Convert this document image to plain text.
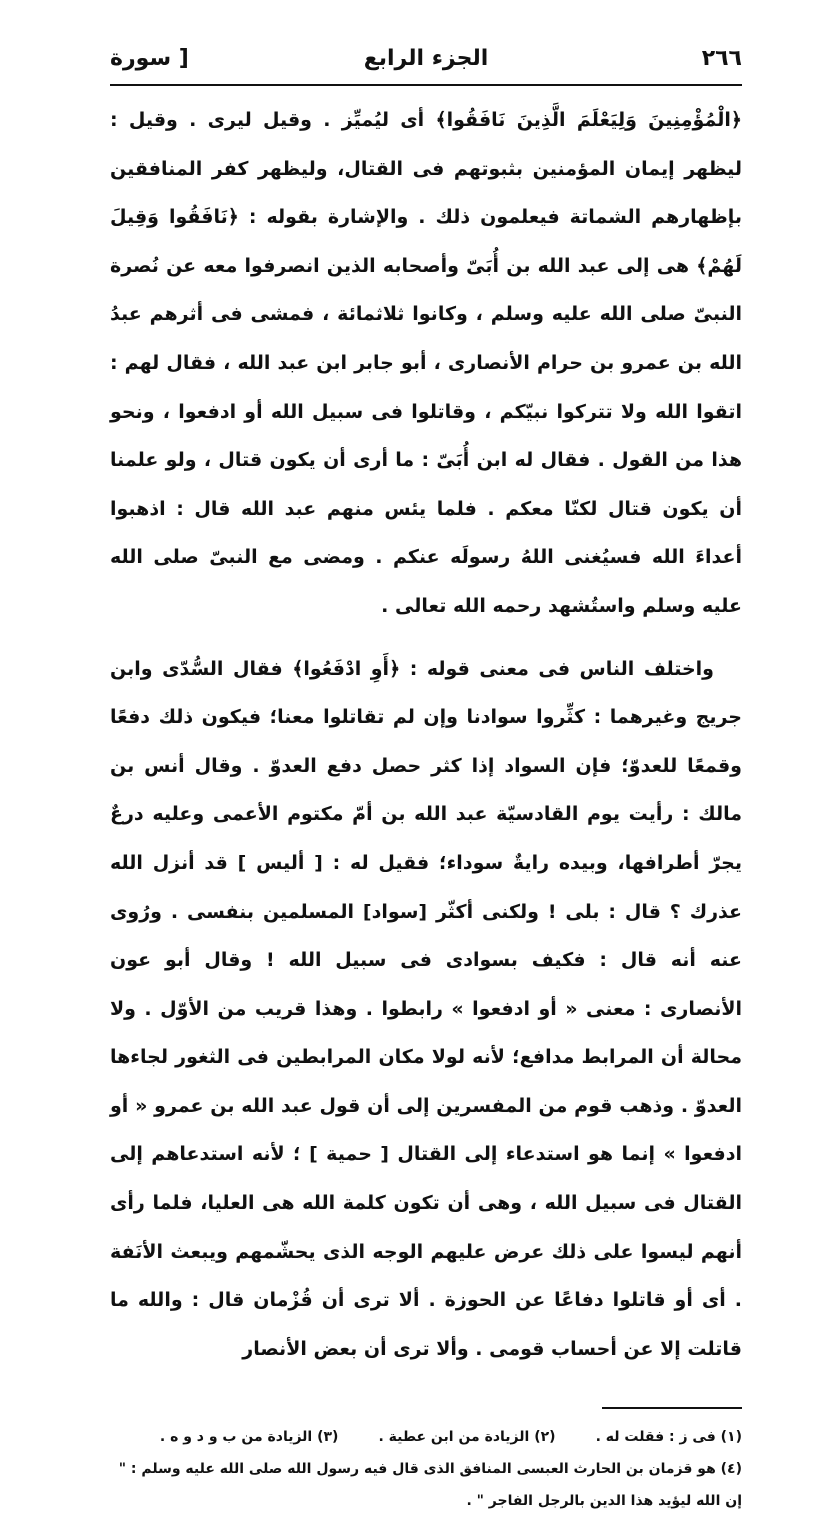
٢٦٦
الجزء الرابع
[ سورة

﴿الْمُؤْمِنِينَ وَلِيَعْلَمَ الَّذِينَ نَافَقُوا﴾ أى ليُميِّز . وقيل ليرى . وقيل : ليظهر إيمان المؤمنين بثبوتهم فى القتال، وليظهر كفر المنافقين بإظهارهم الشماتة فيعلمون ذلك . والإشارة بقوله : ﴿نَافَقُوا وَقِيلَ لَهُمْ﴾ هى إلى عبد الله بن أُبَىّ وأصحابه الذين انصرفوا معه عن نُصرة النبىّ صلى الله عليه وسلم ، وكانوا ثلاثمائة ، فمشى فى أثرهم عبدُ الله بن عمرو بن حرام الأنصارى ، أبو جابر ابن عبد الله ، فقال لهم : اتقوا الله ولا تتركوا نبيّكم ، وقاتلوا فى سبيل الله أو ادفعوا ، ونحو هذا من القول . فقال له ابن أُبَىّ : ما أرى أن يكون قتال ، ولو علمنا أن يكون قتال لكنّا معكم . فلما يئس منهم عبد الله قال : اذهبوا أعداءَ الله فسيُغنى اللهُ رسولَه عنكم . ومضى مع النبىّ صلى الله عليه وسلم واستُشهد رحمه الله تعالى .

واختلف الناس فى معنى قوله : ﴿أَوِ ادْفَعُوا﴾ فقال السُّدّى وابن جريج وغيرهما : كثِّروا سوادنا وإن لم تقاتلوا معنا؛ فيكون ذلك دفعًا وقمعًا للعدوّ؛ فإن السواد إذا كثر حصل دفع العدوّ . وقال أنس بن مالك : رأيت يوم القادسيّة عبد الله بن أمّ مكتوم الأعمى وعليه درعٌ يجرّ أطرافها، وبيده رايةٌ سوداء؛ فقيل له : [ أليس ] قد أنزل الله عذرك ؟ قال : بلى ! ولكنى أكثّر [سواد] المسلمين بنفسى . ورُوى عنه أنه قال : فكيف بسوادى فى سبيل الله ! وقال أبو عون الأنصارى : معنى « أو ادفعوا » رابطوا . وهذا قريب من الأوّل . ولا محالة أن المرابط مدافع؛ لأنه لولا مكان المرابطين فى الثغور لجاءها العدوّ . وذهب قوم من المفسرين إلى أن قول عبد الله بن عمرو « أو ادفعوا » إنما هو استدعاء إلى القتال [ حمية ] ؛ لأنه استدعاهم إلى القتال فى سبيل الله ، وهى أن تكون كلمة الله هى العليا، فلما رأى أنهم ليسوا على ذلك عرض عليهم الوجه الذى يحشّمهم ويبعث الأنَفة . أى أو قاتلوا دفاعًا عن الحوزة . ألا ترى أن قُزْمان قال : والله ما قاتلت إلا عن أحساب قومى . وألا ترى أن بعض الأنصار

(١) فى ز : فقلت له .

(٢) الزيادة من ابن عطية .

(٣) الزيادة من ب و د و ه .

(٤) هو قزمان بن الحارث العبسى المنافق الذى قال فيه رسول الله صلى الله عليه وسلم : " إن الله ليؤيد هذا الدين بالرجل الفاجر " .
